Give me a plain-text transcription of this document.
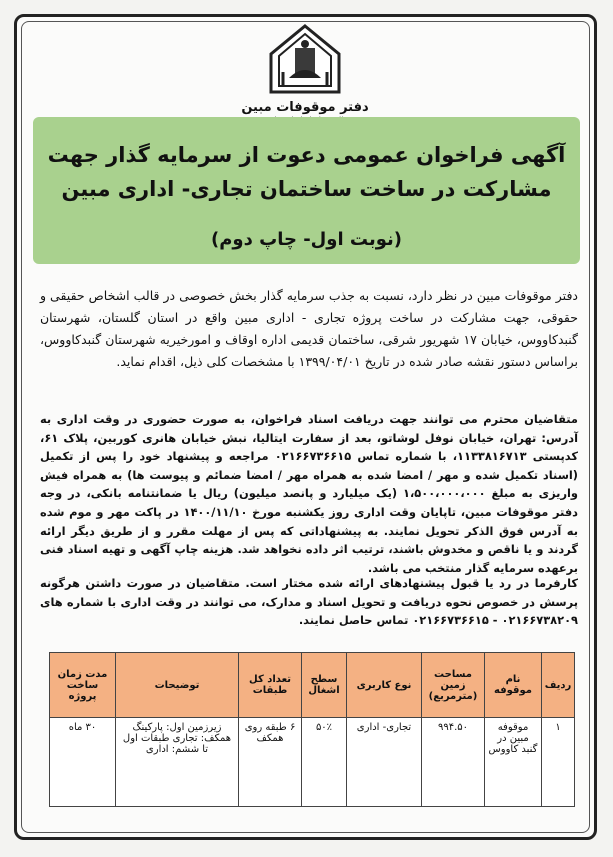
دفتر موقوفات مبین
آگهی فراخوان عمومی دعوت از سرمایه گذار جهت مشارکت در ساخت ساختمان تجاری- اداری مبین
(نوبت اول- چاپ دوم)
دفتر موقوفات مبین در نظر دارد، نسبت به جذب سرمایه گذار بخش خصوصی در قالب اشخاص حقیقی و حقوقی، جهت مشارکت در ساخت پروژه تجاری - اداری مبین واقع در استان گلستان، شهرستان گنبدکاووس، خیابان ۱۷ شهریور شرقی، ساختمان قدیمی اداره اوقاف و امورخیریه شهرستان گنبدکاووس، براساس دستور نقشه صادر شده در تاریخ ۱۳۹۹/۰۴/۰۱ با مشخصات کلی ذیل، اقدام نماید.
متقاضیان محترم می توانند جهت دریافت اسناد فراخوان، به صورت حضوری در وقت اداری به آدرس: تهران، خیابان نوفل لوشاتو، بعد از سفارت ایتالیا، نبش خیابان هانری کوربین، پلاک ۶۱، کدپستی ۱۱۳۳۸۱۶۷۱۳، با شماره تماس ۰۲۱۶۶۷۳۶۶۱۵ مراجعه و پیشنهاد خود را پس از تکمیل (اسناد تکمیل شده و مهر / امضا شده به همراه مهر / امضا ضمائم و پیوست ها) به همراه فیش واریزی به مبلغ ۱،۵۰۰،۰۰۰،۰۰۰ (یک میلیارد و پانصد میلیون) ریال یا ضمانتنامه بانکی، در وجه دفتر موقوفات مبین، تاپایان وقت اداری روز یکشنبه مورخ ۱۴۰۰/۱۱/۱۰ در پاکت مهر و موم شده به آدرس فوق الذکر تحویل نمایند. به پیشنهاداتی که پس از مهلت مقرر و از طریق دیگر ارائه گردند و یا ناقص و مخدوش باشند، ترتیب اثر داده نخواهد شد. هزینه چاپ آگهی و تهیه اسناد فنی برعهده سرمایه گذار منتخب می باشد.
کارفرما در رد یا قبول پیشنهادهای ارائه شده مختار است. متقاضیان در صورت داشتن هرگونه پرسش در خصوص نحوه دریافت و تحویل اسناد و مدارک، می توانند در وقت اداری با شماره های ۰۲۱۶۶۷۳۸۲۰۹ - ۰۲۱۶۶۷۳۶۶۱۵ تماس حاصل نمایند.
ردیف	نام موقوفه	مساحت زمین (مترمربع)	نوع کاربری	سطح اشغال	تعداد کل طبقات	توضیحات	مدت زمان ساخت پروژه
۱	موقوفه مبین در گنبد کاووس	۹۹۴.۵۰	تجاری- اداری	۵۰٪	۶ طبقه روی همکف	زیرزمین اول: پارکینگ همکف: تجاری طبقات اول تا ششم: اداری	۳۰ ماه
